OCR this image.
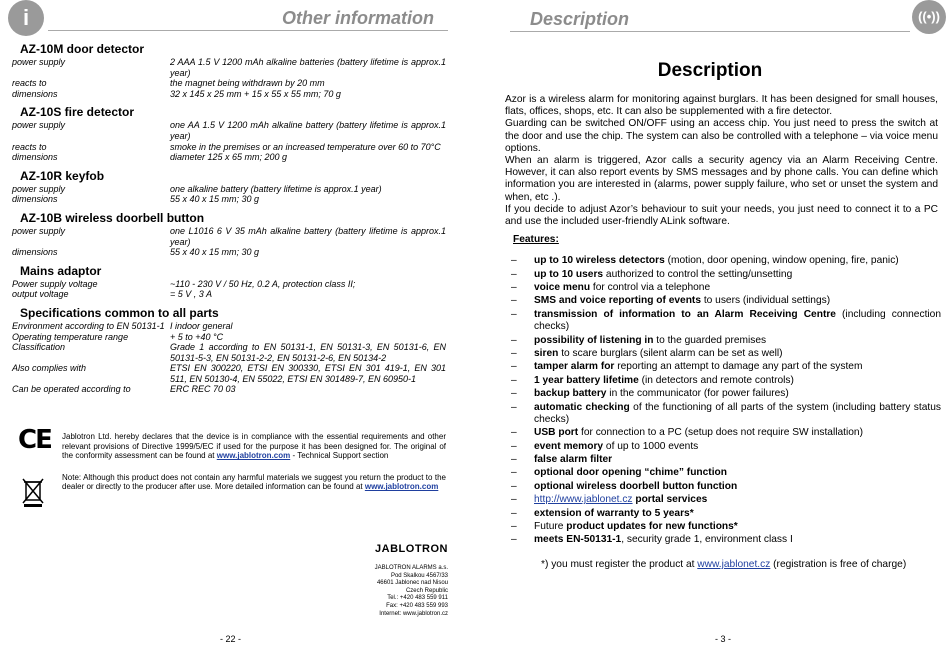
i	Other information
AZ-10M door detector
power supply	2 AAA 1.5 V 1200 mAh alkaline batteries (battery lifetime is approx.1 year)
reacts to	the magnet being withdrawn by 20 mm
dimensions	32 x 145 x 25 mm + 15 x 55 x 55 mm; 70 g
AZ-10S fire detector
power supply	one AA 1.5 V 1200 mAh alkaline battery (battery lifetime is approx.1 year)
reacts to	smoke in the premises or an increased temperature over 60 to 70°C
dimensions	diameter 125 x 65 mm; 200 g
AZ-10R keyfob
power supply	one alkaline battery (battery lifetime is approx.1 year)
dimensions	55 x 40 x 15 mm; 30 g
AZ-10B wireless doorbell button
power supply	one L1016 6 V 35 mAh alkaline battery (battery lifetime is approx.1 year)
dimensions	55 x 40 x 15 mm; 30 g
Mains adaptor
Power supply voltage	~110 - 230 V / 50 Hz, 0.2 A, protection class II;
output voltage	= 5 V , 3 A
Specifications common to all parts
Environment according to EN 50131-1 I indoor general
Operating temperature range	+ 5 to +40 °C
Classification	Grade 1 according to EN 50131-1, EN 50131-3, EN 50131-6, EN 50131-5-3, EN 50131-2-2, EN 50131-2-6, EN 50134-2
Also complies with	ETSI EN 300220, ETSI EN 300330, ETSI EN 301 419-1, EN 301 511, EN 50130-4, EN 55022, ETSI EN 301489-7, EN 60950-1
Can be operated according to	ERC REC 70 03
CE Jablotron Ltd. hereby declares that the device is in compliance with the essential requirements and other relevant provisions of Directive 1999/5/EC if used for the purpose it has been designed for. The original of the conformity assessment can be found at www.jablotron.com - Technical Support section
Note: Although this product does not contain any harmful materials we suggest you return the product to the dealer or directly to the producer after use. More detailed information can be found at www.jablotron.com
JABLOTRON
JABLOTRON ALARMS a.s.
Pod Skalkou 4567/33
46601 Jablonec nad Nisou
Czech Republic
Tel.: +420 483 559 911
Fax: +420 483 559 993
Internet: www.jablotron.cz
- 22 -
Description	((•))
Description
Azor is a wireless alarm for monitoring against burglars. It has been designed for small houses, flats, offices, shops, etc. It can also be supplemented with a fire detector.
Guarding can be switched ON/OFF using an access chip. You just need to press the switch at the door and use the chip. The system can also be controlled with a telephone – via voice menu options.
When an alarm is triggered, Azor calls a security agency via an Alarm Receiving Centre. However, it can also report events by SMS messages and by phone calls. You can define which information you are interested in (alarms, power supply failure, who set or unset the system and when, etc .).
If you decide to adjust Azor’s behaviour to suit your needs, you just need to connect it to a PC and use the included user-friendly ALink software.
Features:
– up to 10 wireless detectors (motion, door opening, window opening, fire, panic)
– up to 10 users authorized to control the setting/unsetting
– voice menu for control via a telephone
– SMS and voice reporting of events to users (individual settings)
– transmission of information to an Alarm Receiving Centre (including connection checks)
– possibility of listening in to the guarded premises
– siren to scare burglars (silent alarm can be set as well)
– tamper alarm for reporting an attempt to damage any part of the system
– 1 year battery lifetime (in detectors and remote controls)
– backup battery in the communicator (for power failures)
– automatic checking of the functioning of all parts of the system (including battery status checks)
– USB port for connection to a PC (setup does not require SW installation)
– event memory of up to 1000 events
– false alarm filter
– optional door opening “chime” function
– optional wireless doorbell button function
– http://www.jablonet.cz portal services
– extension of warranty to 5 years*
– Future product updates for new functions*
– meets EN-50131-1, security grade 1, environment class I
*) you must register the product at www.jablonet.cz (registration is free of charge)
- 3 -
